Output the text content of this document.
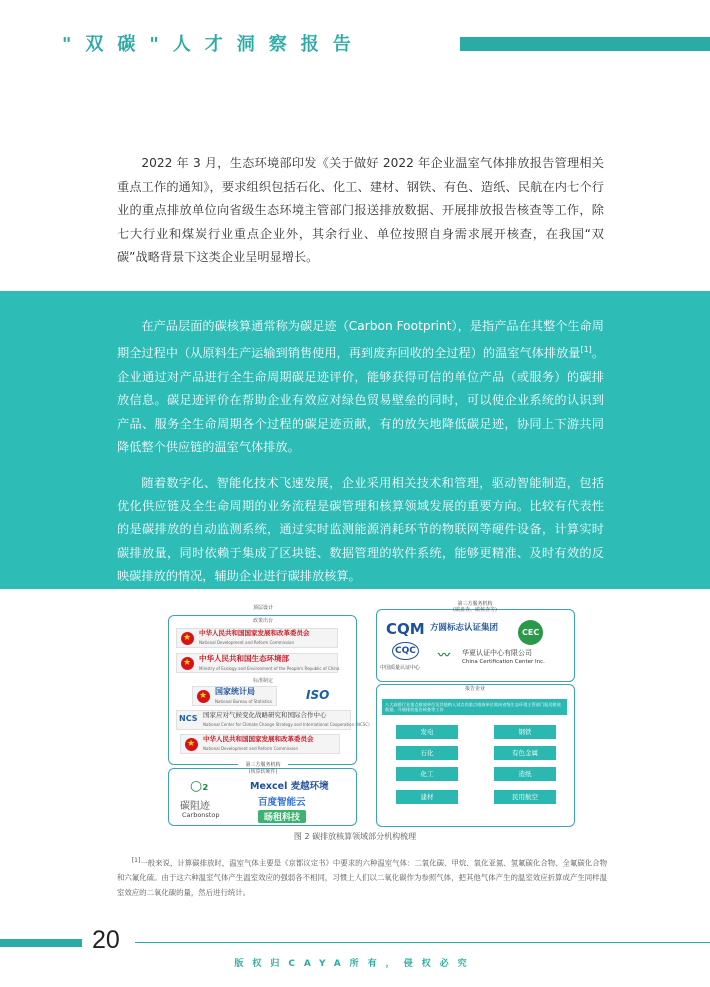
"双碳"人才洞察报告
2022 年 3 月，生态环境部印发《关于做好 2022 年企业温室气体排放报告管理相关重点工作的通知》，要求组织包括石化、化工、建材、钢铁、有色、造纸、民航在内七个行业的重点排放单位向省级生态环境主管部门报送排放数据、开展排放报告核查等工作，除七大行业和煤炭行业重点企业外，其余行业、单位按照自身需求展开核查，在我国“双碳”战略背景下这类企业呈明显增长。

在产品层面的碳核算通常称为碳足迹（Carbon Footprint），是指产品在其整个生命周期全过程中（从原料生产运输到销售使用，再到废弃回收的全过程）的温室气体排放量[1]。企业通过对产品进行全生命周期碳足迹评价，能够获得可信的单位产品（或服务）的碳排放信息。碳足迹评价在帮助企业有效应对绿色贸易壁垒的同时，可以使企业系统的认识到产品、服务全生命周期各个过程的碳足迹贡献，有的放矢地降低碳足迹，协同上下游共同降低整个供应链的温室气体排放。

随着数字化、智能化技术飞速发展，企业采用相关技术和管理，驱动智能制造，包括优化供应链及全生命周期的业务流程是碳管理和核算领域发展的重要方向。比较有代表性的是碳排放的自动监测系统，通过实时监测能源消耗环节的物联网等硬件设备，计算实时碳排放量，同时依赖于集成了区块链、数据管理的软件系统，能够更精准、及时有效的反映碳排放的情况，辅助企业进行碳排放核算。

顶层设计
政策出台
★
中华人民共和国国家发展和改革委员会
National Development and Reform Commission
★
中华人民共和国生态环境部
Ministry of Ecology and Environment of the People's Republic of China
标准制定
★
国家统计局
National Bureau of Statistics	ISO
NCS 国家应对气候变化战略研究和国际合作中心
National Center for Climate Change Strategy and International Cooperation (NCSC)
★
中华人民共和国国家发展和改革委员会
National Development and Reform Commission
第三方服务机构
(核算软硬件)
○₂
碳阻迹
Carbonstop
Mexcel 麦越环境
百度智能云
旸租科技
第三方服务机构
(碳盘查、碳核查等)
CQM 方圆标志认证集团
CQC
中国质量认证中心
〰 华夏认证中心有限公司
China Certification Center Inc.
CEC
报告企业
八大高排行业重点排放单位及其他纳入试点的重点排放单位需向省级生态环境主管部门报送排放数据，开展排放报告核查等工作
发电
石化
化工
建材
钢铁
有色金属
造纸
民用航空
图 2 碳排放核算领域部分机构梳理
[1]一般来说，计算碳排放时，温室气体主要是《京都议定书》中要求的六种温室气体：二氧化碳、甲烷、氧化亚氮、氢氟碳化合物、全氟碳化合物和六氟化硫。由于这六种温室气体产生温室效应的强弱各不相同，习惯上人们以二氧化碳作为参照气体，把其他气体产生的温室效应折算成产生同样温室效应的二氧化碳的量，然后进行统计。
20
版权归CAYA所有，侵权必究
